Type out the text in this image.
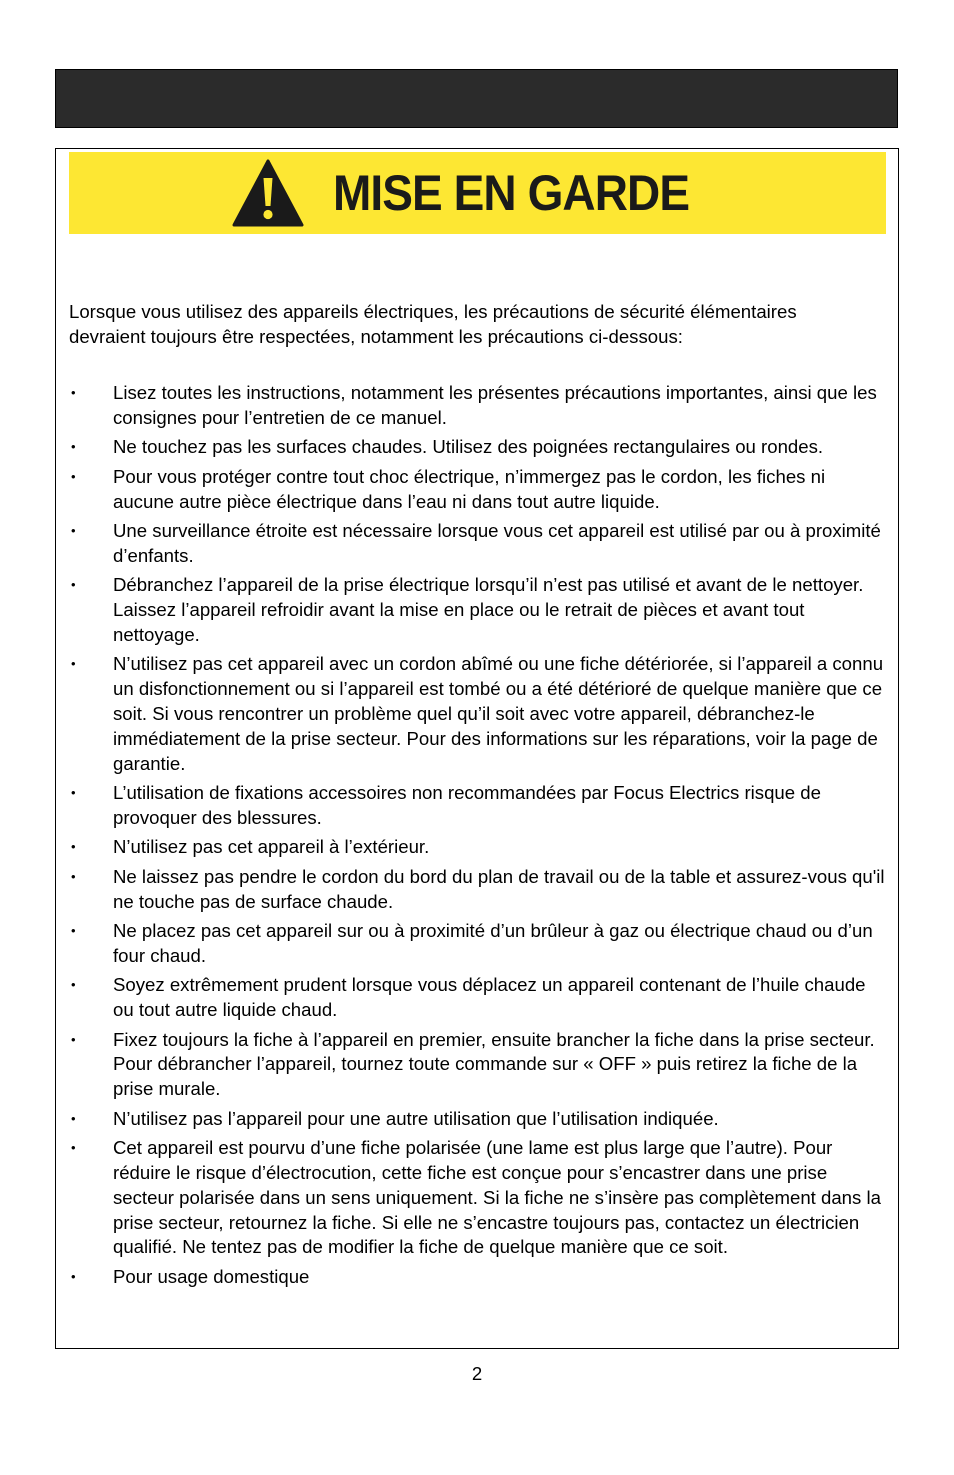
MISE EN GARDE

Lorsque vous utilisez des appareils électriques, les précautions de sécurité élémentaires devraient toujours être respectées, notamment les précautions ci-dessous:

• Lisez toutes les instructions, notamment les présentes précautions importantes, ainsi que les consignes pour l’entretien de ce manuel.
• Ne touchez pas les surfaces chaudes. Utilisez des poignées rectangulaires ou rondes.
• Pour vous protéger contre tout choc électrique, n’immergez pas le cordon, les fiches ni aucune autre pièce électrique dans l’eau ni dans tout autre liquide.
• Une surveillance étroite est nécessaire lorsque vous cet appareil est utilisé par ou à proximité d’enfants.
• Débranchez l’appareil de la prise électrique lorsqu’il n’est pas utilisé et avant de le nettoyer. Laissez l’appareil refroidir avant la mise en place ou le retrait de pièces et avant tout nettoyage.
• N’utilisez pas cet appareil avec un cordon abîmé ou une fiche détériorée, si l’appareil a connu un disfonctionnement ou si l’appareil est tombé ou a été détérioré de quelque manière que ce soit. Si vous rencontrer un problème quel qu’il soit avec votre appareil, débranchez-le immédiatement de la prise secteur. Pour des informations sur les réparations, voir la page de garantie.
• L’utilisation de fixations accessoires non recommandées par Focus Electrics risque de provoquer des blessures.
• N’utilisez pas cet appareil à l’extérieur.
• Ne laissez pas pendre le cordon du bord du plan de travail ou de la table et assurez-vous qu'il ne touche pas de surface chaude.
• Ne placez pas cet appareil sur ou à proximité d’un brûleur à gaz ou électrique chaud ou d’un four chaud.
• Soyez extrêmement prudent lorsque vous déplacez un appareil contenant de l’huile chaude ou tout autre liquide chaud.
• Fixez toujours la fiche à l’appareil en premier, ensuite brancher la fiche dans la prise secteur. Pour débrancher l’appareil, tournez toute commande sur « OFF » puis retirez la fiche de la prise murale.
• N’utilisez pas l’appareil pour une autre utilisation que l’utilisation indiquée.
• Cet appareil est pourvu d’une fiche polarisée (une lame est plus large que l’autre). Pour réduire le risque d’électrocution, cette fiche est conçue pour s’encastrer dans une prise secteur polarisée dans un sens uniquement. Si la fiche ne s’insère pas complètement dans la prise secteur, retournez la fiche. Si elle ne s’encastre toujours pas, contactez un électricien qualifié. Ne tentez pas de modifier la fiche de quelque manière que ce soit.
• Pour usage domestique
2
